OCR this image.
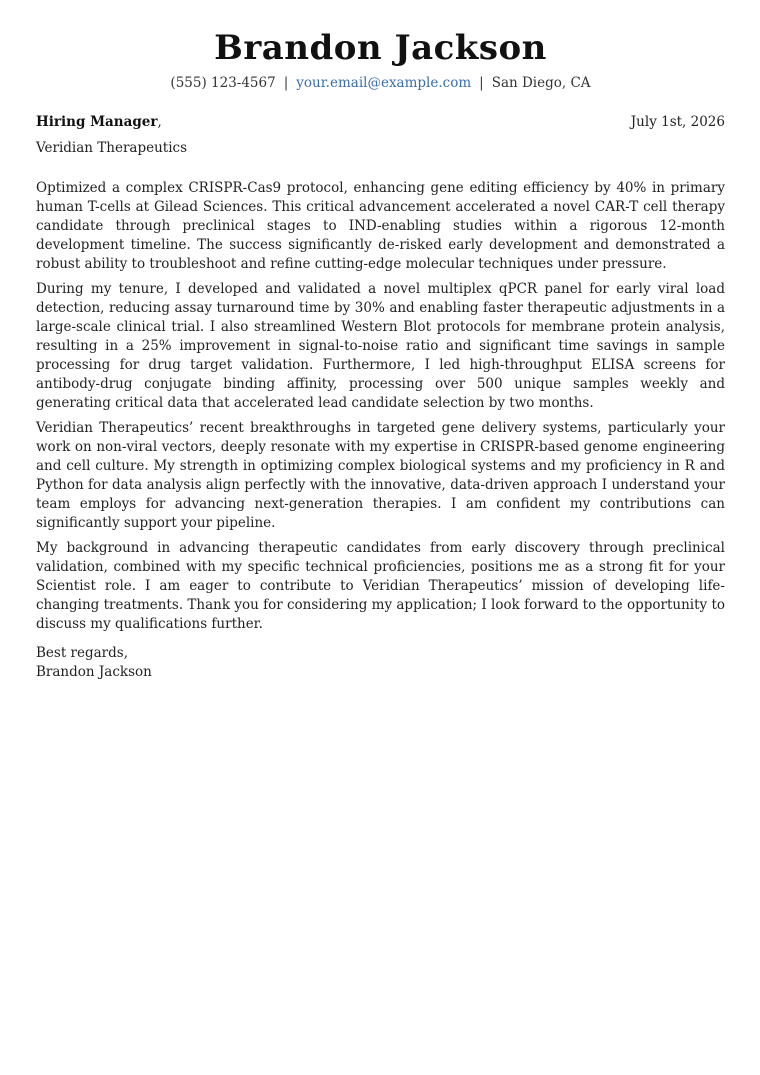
Brandon Jackson
(555) 123-4567 | your.email@example.com | San Diego, CA
Hiring Manager,	July 1st, 2026
Veridian Therapeutics

Optimized a complex CRISPR-Cas9 protocol, enhancing gene editing efficiency by 40% in primary human T-cells at Gilead Sciences. This critical advancement accelerated a novel CAR-T cell therapy candidate through preclinical stages to IND-enabling studies within a rigorous 12-month development timeline. The success significantly de-risked early development and demonstrated a robust ability to troubleshoot and refine cutting-edge molecular techniques under pressure.

During my tenure, I developed and validated a novel multiplex qPCR panel for early viral load detection, reducing assay turnaround time by 30% and enabling faster therapeutic adjustments in a large-scale clinical trial. I also streamlined Western Blot protocols for membrane protein analysis, resulting in a 25% improvement in signal-to-noise ratio and significant time savings in sample processing for drug target validation. Furthermore, I led high-throughput ELISA screens for antibody-drug conjugate binding affinity, processing over 500 unique samples weekly and generating critical data that accelerated lead candidate selection by two months.

Veridian Therapeutics’ recent breakthroughs in targeted gene delivery systems, particularly your work on non-viral vectors, deeply resonate with my expertise in CRISPR-based genome engineering and cell culture. My strength in optimizing complex biological systems and my proficiency in R and Python for data analysis align perfectly with the innovative, data-driven approach I understand your team employs for advancing next-generation therapies. I am confident my contributions can significantly support your pipeline.

My background in advancing therapeutic candidates from early discovery through preclinical validation, combined with my specific technical proficiencies, positions me as a strong fit for your Scientist role. I am eager to contribute to Veridian Therapeutics’ mission of developing life-changing treatments. Thank you for considering my application; I look forward to the opportunity to discuss my qualifications further.

Best regards,
Brandon Jackson
